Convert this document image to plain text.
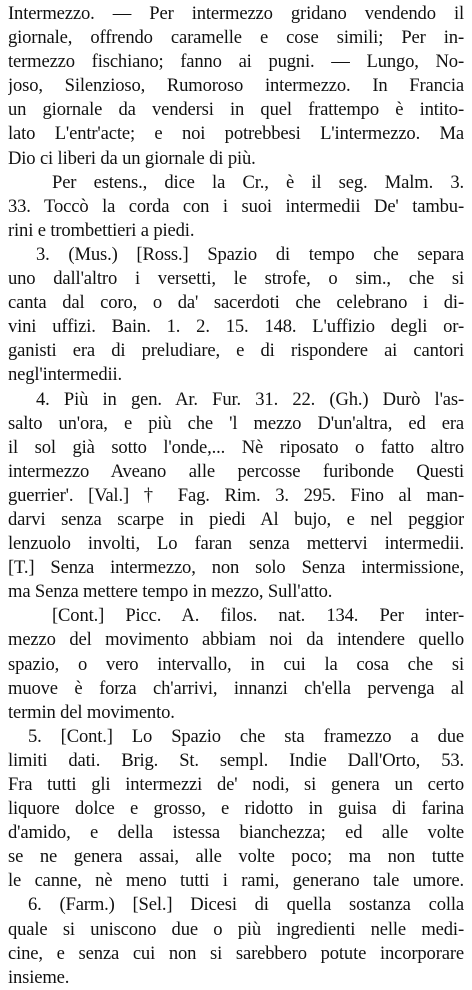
Intermezzo. — Per intermezzo gridano vendendo il
giornale, offrendo caramelle e cose simili; Per in-
termezzo fischiano; fanno ai pugni. — Lungo, No-
joso, Silenzioso, Rumoroso intermezzo. In Francia
un giornale da vendersi in quel frattempo è intito-
lato L'entr'acte; e noi potrebbesi L'intermezzo. Ma
Dio ci liberi da un giornale di più.
Per estens., dice la Cr., è il seg. Malm. 3.
33. Toccò la corda con i suoi intermedii De' tambu-
rini e trombettieri a piedi.
3. (Mus.) [Ross.] Spazio di tempo che separa
uno dall'altro i versetti, le strofe, o sim., che si
canta dal coro, o da' sacerdoti che celebrano i di-
vini uffizi. Bain. 1. 2. 15. 148. L'uffizio degli or-
ganisti era di preludiare, e di rispondere ai cantori
negl'intermedii.
4. Più in gen. Ar. Fur. 31. 22. (Gh.) Durò l'as-
salto un'ora, e più che 'l mezzo D'un'altra, ed era
il sol già sotto l'onde,... Nè riposato o fatto altro
intermezzo Aveano alle percosse furibonde Questi
guerrier'. [Val.] † Fag. Rim. 3. 295. Fino al man-
darvi senza scarpe in piedi Al bujo, e nel peggior
lenzuolo involti, Lo faran senza mettervi intermedii.
[T.] Senza intermezzo, non solo Senza intermissione,
ma Senza mettere tempo in mezzo, Sull'atto.
[Cont.] Picc. A. filos. nat. 134. Per inter-
mezzo del movimento abbiam noi da intendere quello
spazio, o vero intervallo, in cui la cosa che si
muove è forza ch'arrivi, innanzi ch'ella pervenga al
termin del movimento.
5. [Cont.] Lo Spazio che sta framezzo a due
limiti dati. Brig. St. sempl. Indie Dall'Orto, 53.
Fra tutti gli intermezzi de' nodi, si genera un certo
liquore dolce e grosso, e ridotto in guisa di farina
d'amido, e della istessa bianchezza; ed alle volte
se ne genera assai, alle volte poco; ma non tutte
le canne, nè meno tutti i rami, generano tale umore.
6. (Farm.) [Sel.] Dicesi di quella sostanza colla
quale si uniscono due o più ingredienti nelle medi-
cine, e senza cui non si sarebbero potute incorporare
insieme.
